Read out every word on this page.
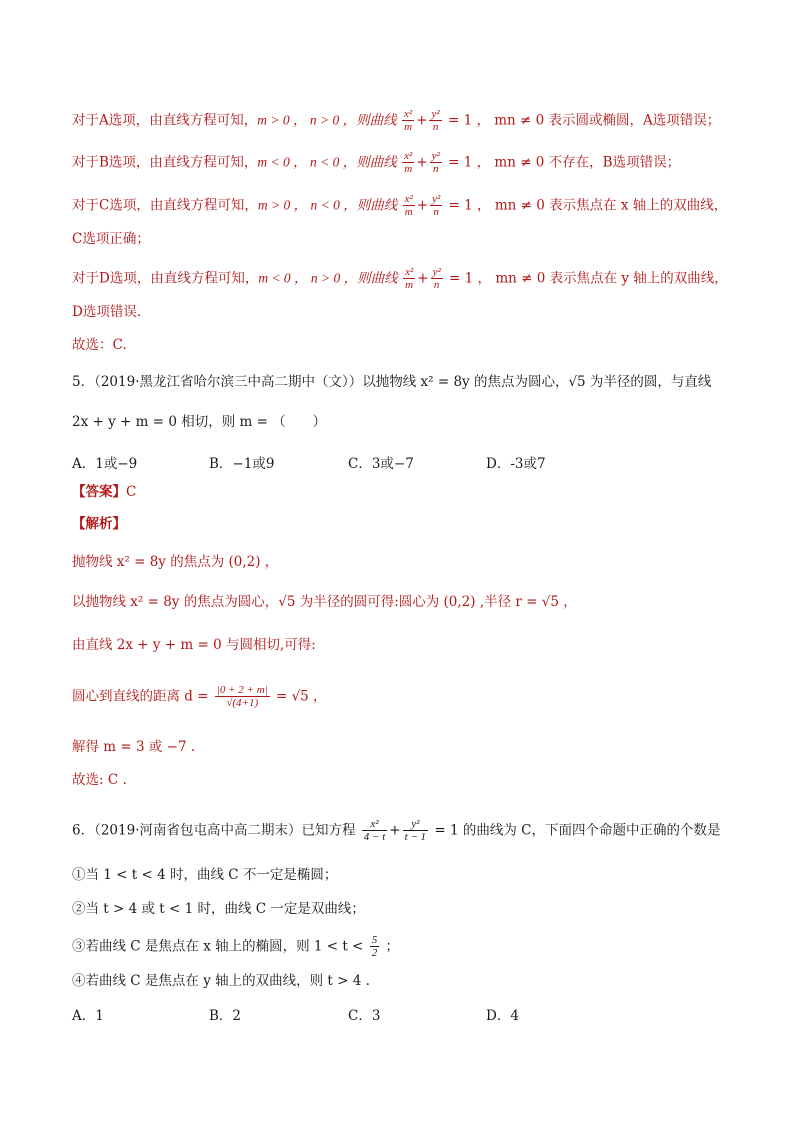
对于A选项，由直线方程可知，m > 0 ， n > 0 ，则曲线 $\frac{\text{x²}}{m} + \frac{\text{y²}}{n} = 1$ ， mn ≠ 0 表示圆或椭圆，A选项错误；
对于B选项，由直线方程可知，m < 0 ， n < 0 ，则曲线 $\frac{\text{x²}}{m} + \frac{\text{y²}}{n} = 1$ ， mn ≠ 0 不存在，B选项错误；
对于C选项，由直线方程可知，m > 0 ， n < 0 ，则曲线 $\frac{\text{x²}}{m} + \frac{\text{y²}}{n} = 1$ ， mn ≠ 0 表示焦点在 x 轴上的双曲线，
C选项正确；
对于D选项，由直线方程可知，m < 0 ， n > 0 ，则曲线 $\frac{\text{x²}}{m} + \frac{\text{y²}}{n} = 1$ ， mn ≠ 0 表示焦点在 y 轴上的双曲线，
D选项错误.
故选：C.
5．（2019·黑龙江省哈尔滨三中高二期中（文））以抛物线 x² = 8y 的焦点为圆心，√5 为半径的圆，与直线
2x + y + m = 0 相切，则 m = （　　）
A．1或−9	B．−1或9	C．3或−7	D．-3或7
【答案】C
【解析】
抛物线 x² = 8y 的焦点为 (0,2) ，
以抛物线 x² = 8y 的焦点为圆心，√5 为半径的圆可得:圆心为 (0,2) ,半径 r = √5 ，
由直线 2x + y + m = 0 与圆相切,可得:
圆心到直线的距离 $d = \frac{|0 + 2 + m|}{√(4+1)} = √5$ ，
解得 m = 3 或 −7 .
故选: C .
6．（2019·河南省包屯高中高二期末）已知方程 $\frac{\text{x²}}{4 - t} + \frac{\text{y²}}{t - 1} = 1$ 的曲线为 C，下面四个命题中正确的个数是
①当 1 < t < 4 时，曲线 C 不一定是椭圆；
②当 t > 4 或 t < 1 时，曲线 C 一定是双曲线；
③若曲线 C 是焦点在 x 轴上的椭圆，则 $1 < t < \frac{5}{2}$ ；
④若曲线 C 是焦点在 y 轴上的双曲线，则 t > 4 .
A．1	B．2	C．3	D．4
